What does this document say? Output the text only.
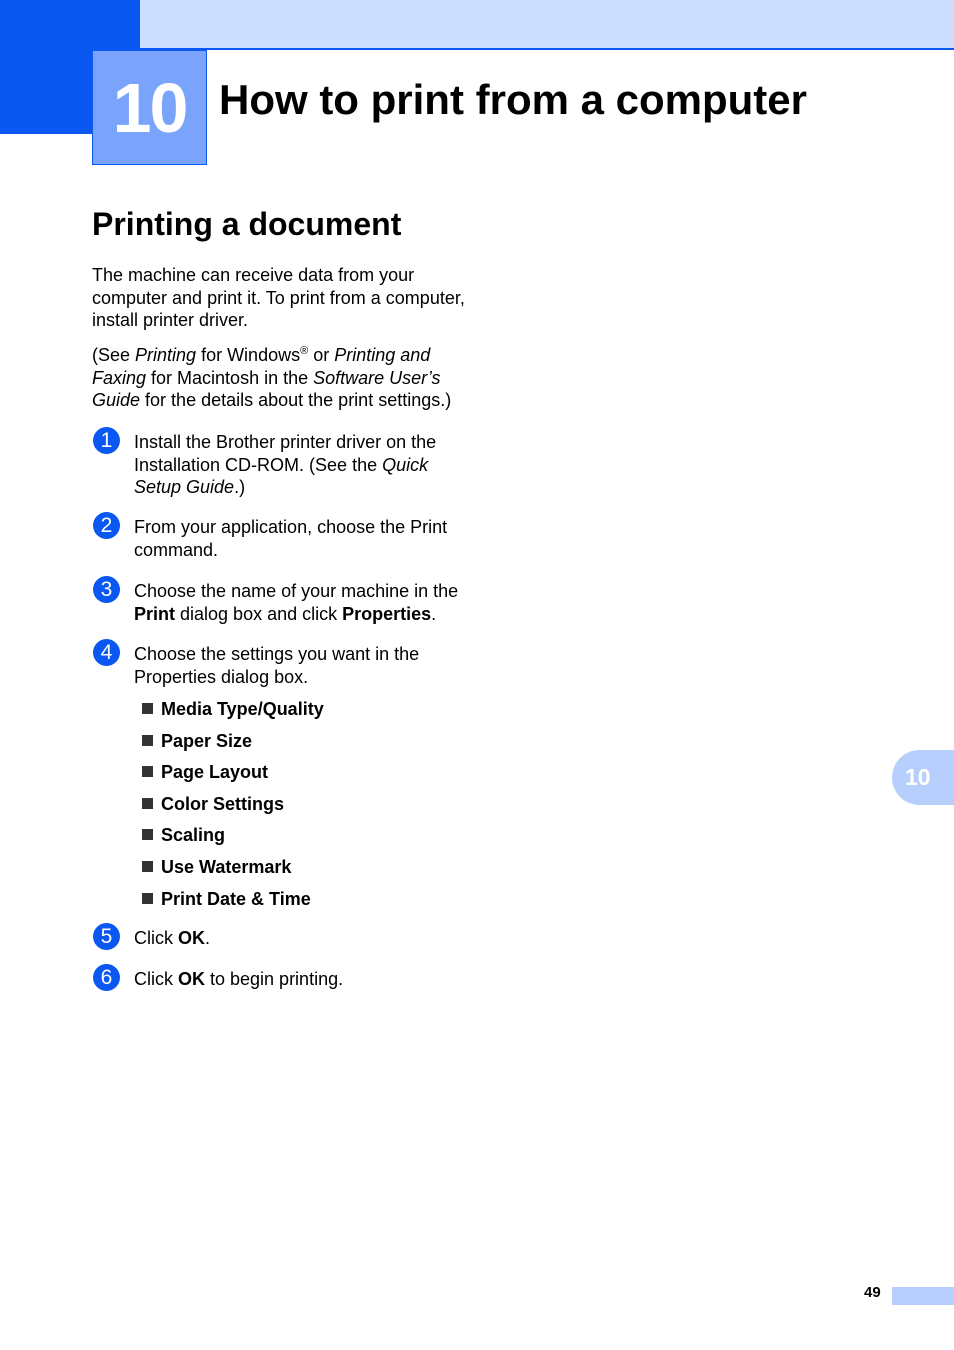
10 How to print from a computer
Printing a document

The machine can receive data from your computer and print it. To print from a computer, install printer driver.

(See Printing for Windows® or Printing and Faxing for Macintosh in the Software User’s Guide for the details about the print settings.)

1	Install the Brother printer driver on the Installation CD-ROM. (See the Quick Setup Guide.)

2	From your application, choose the Print command.

3	Choose the name of your machine in the Print dialog box and click Properties.

4	Choose the settings you want in the Properties dialog box.

Media Type/Quality
Paper Size
Page Layout
Color Settings
Scaling
Use Watermark
Print Date & Time
5	Click OK.

6	Click OK to begin printing.

10
49
